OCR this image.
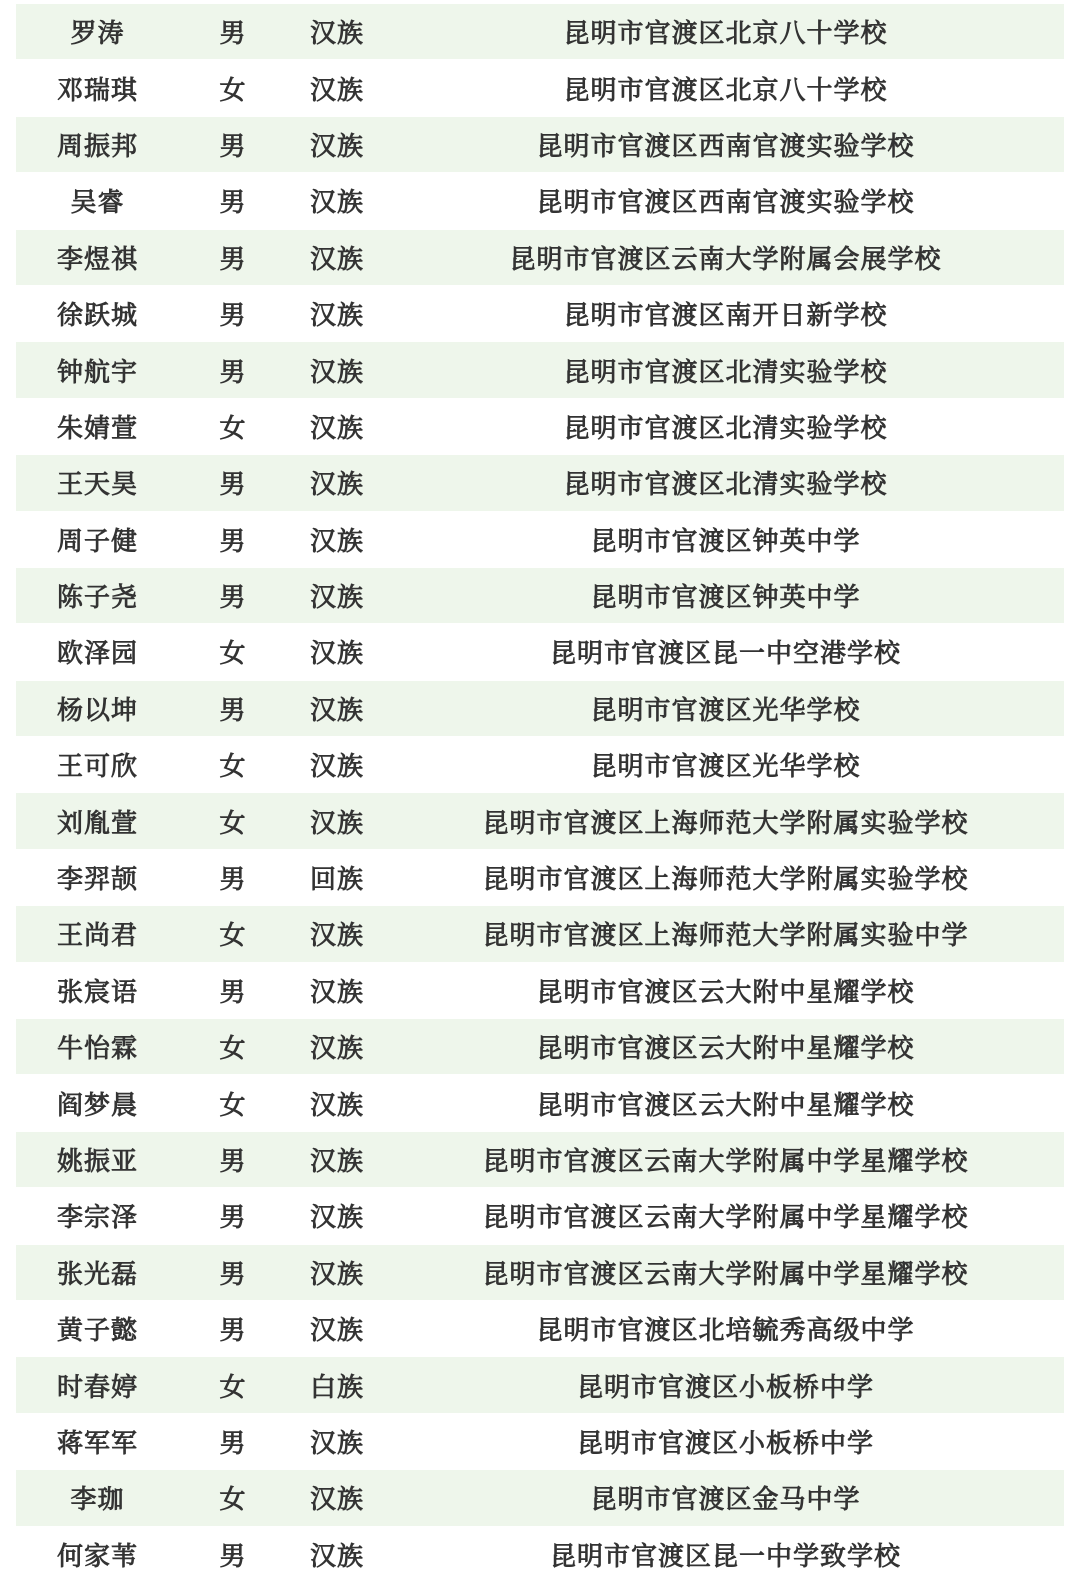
罗涛	男	汉族	昆明市官渡区北京八十学校
邓瑞琪	女	汉族	昆明市官渡区北京八十学校
周振邦	男	汉族	昆明市官渡区西南官渡实验学校
吴睿	男	汉族	昆明市官渡区西南官渡实验学校
李煜祺	男	汉族	昆明市官渡区云南大学附属会展学校
徐跃城	男	汉族	昆明市官渡区南开日新学校
钟航宇	男	汉族	昆明市官渡区北清实验学校
朱婧萱	女	汉族	昆明市官渡区北清实验学校
王天昊	男	汉族	昆明市官渡区北清实验学校
周子健	男	汉族	昆明市官渡区钟英中学
陈子尧	男	汉族	昆明市官渡区钟英中学
欧泽园	女	汉族	昆明市官渡区昆一中空港学校
杨以坤	男	汉族	昆明市官渡区光华学校
王可欣	女	汉族	昆明市官渡区光华学校
刘胤萱	女	汉族	昆明市官渡区上海师范大学附属实验学校
李羿颉	男	回族	昆明市官渡区上海师范大学附属实验学校
王尚君	女	汉族	昆明市官渡区上海师范大学附属实验中学
张宸语	男	汉族	昆明市官渡区云大附中星耀学校
牛怡霖	女	汉族	昆明市官渡区云大附中星耀学校
阎梦晨	女	汉族	昆明市官渡区云大附中星耀学校
姚振亚	男	汉族	昆明市官渡区云南大学附属中学星耀学校
李宗泽	男	汉族	昆明市官渡区云南大学附属中学星耀学校
张光磊	男	汉族	昆明市官渡区云南大学附属中学星耀学校
黄子懿	男	汉族	昆明市官渡区北培毓秀高级中学
时春婷	女	白族	昆明市官渡区小板桥中学
蒋军军	男	汉族	昆明市官渡区小板桥中学
李珈	女	汉族	昆明市官渡区金马中学
何家苇	男	汉族	昆明市官渡区昆一中学致学校
